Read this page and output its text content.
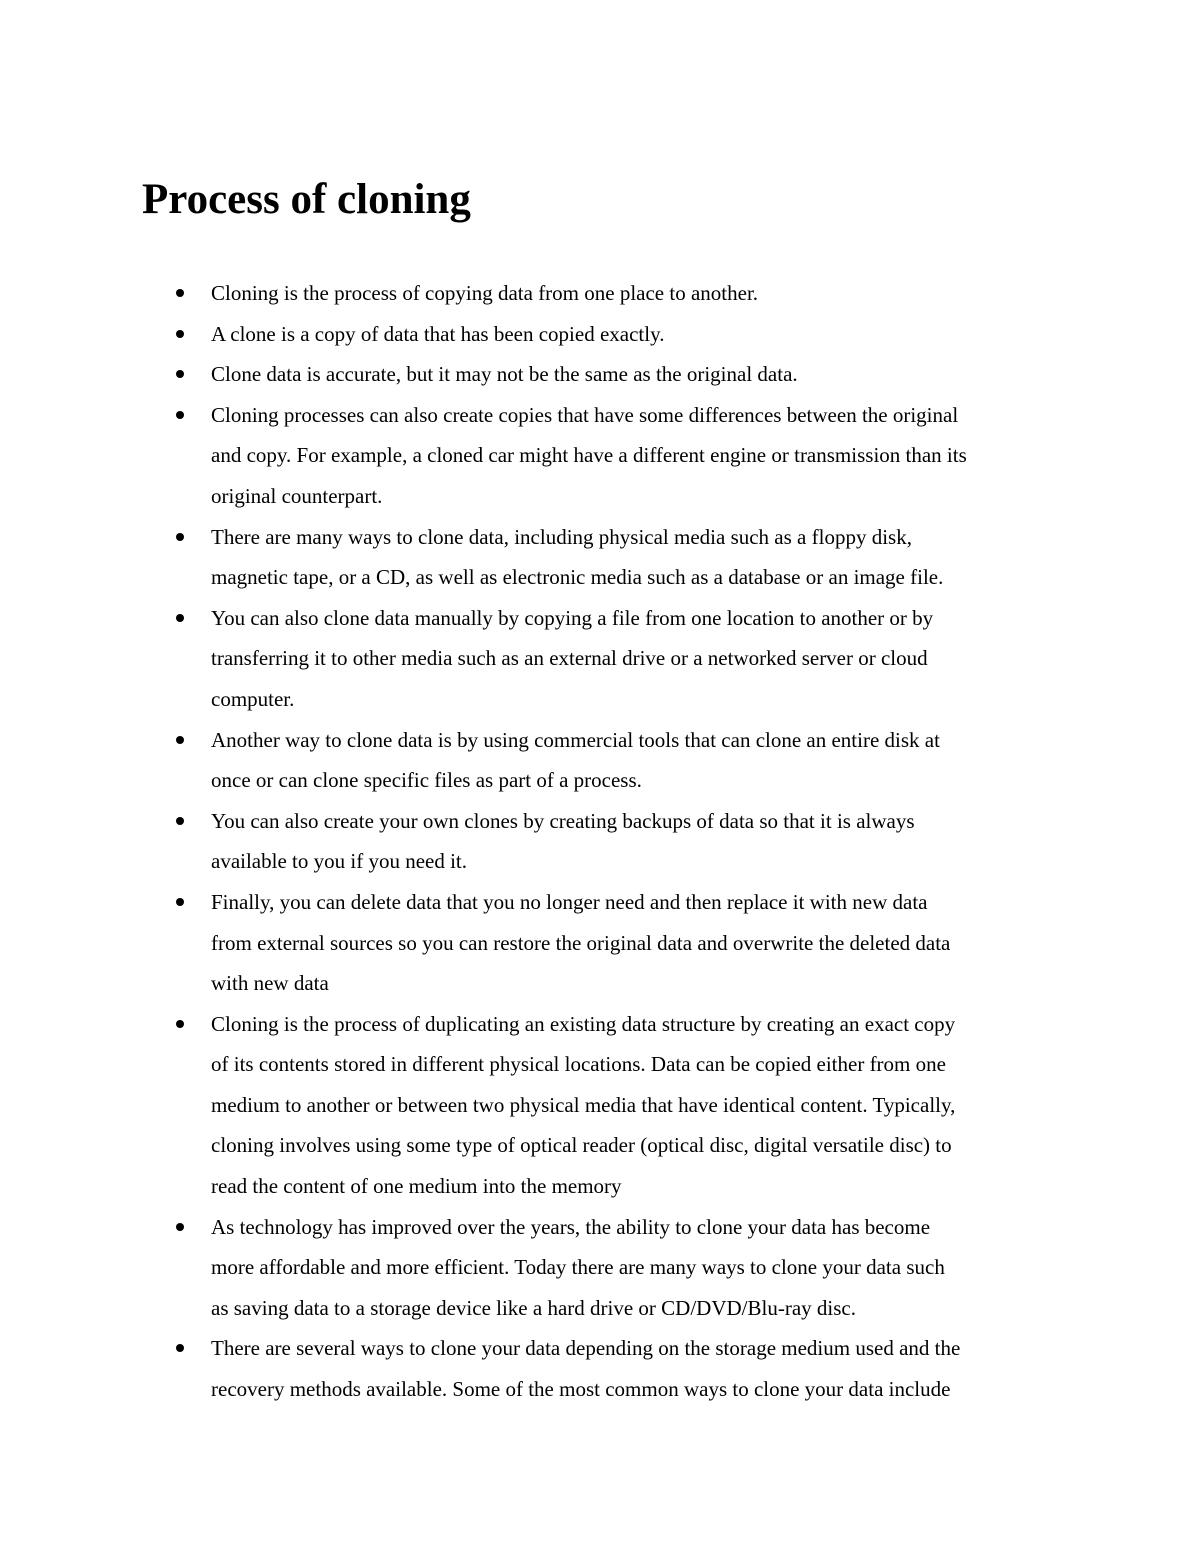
Process of cloning
Cloning is the process of copying data from one place to another.
A clone is a copy of data that has been copied exactly.
Clone data is accurate, but it may not be the same as the original data.
Cloning processes can also create copies that have some differences between the original
and copy. For example, a cloned car might have a different engine or transmission than its
original counterpart.
There are many ways to clone data, including physical media such as a floppy disk,
magnetic tape, or a CD, as well as electronic media such as a database or an image file.
You can also clone data manually by copying a file from one location to another or by
transferring it to other media such as an external drive or a networked server or cloud
computer.
Another way to clone data is by using commercial tools that can clone an entire disk at
once or can clone specific files as part of a process.
You can also create your own clones by creating backups of data so that it is always
available to you if you need it.
Finally, you can delete data that you no longer need and then replace it with new data
from external sources so you can restore the original data and overwrite the deleted data
with new data
Cloning is the process of duplicating an existing data structure by creating an exact copy
of its contents stored in different physical locations. Data can be copied either from one
medium to another or between two physical media that have identical content. Typically,
cloning involves using some type of optical reader (optical disc, digital versatile disc) to
read the content of one medium into the memory
As technology has improved over the years, the ability to clone your data has become
more affordable and more efficient. Today there are many ways to clone your data such
as saving data to a storage device like a hard drive or CD/DVD/Blu-ray disc.
There are several ways to clone your data depending on the storage medium used and the
recovery methods available. Some of the most common ways to clone your data include
